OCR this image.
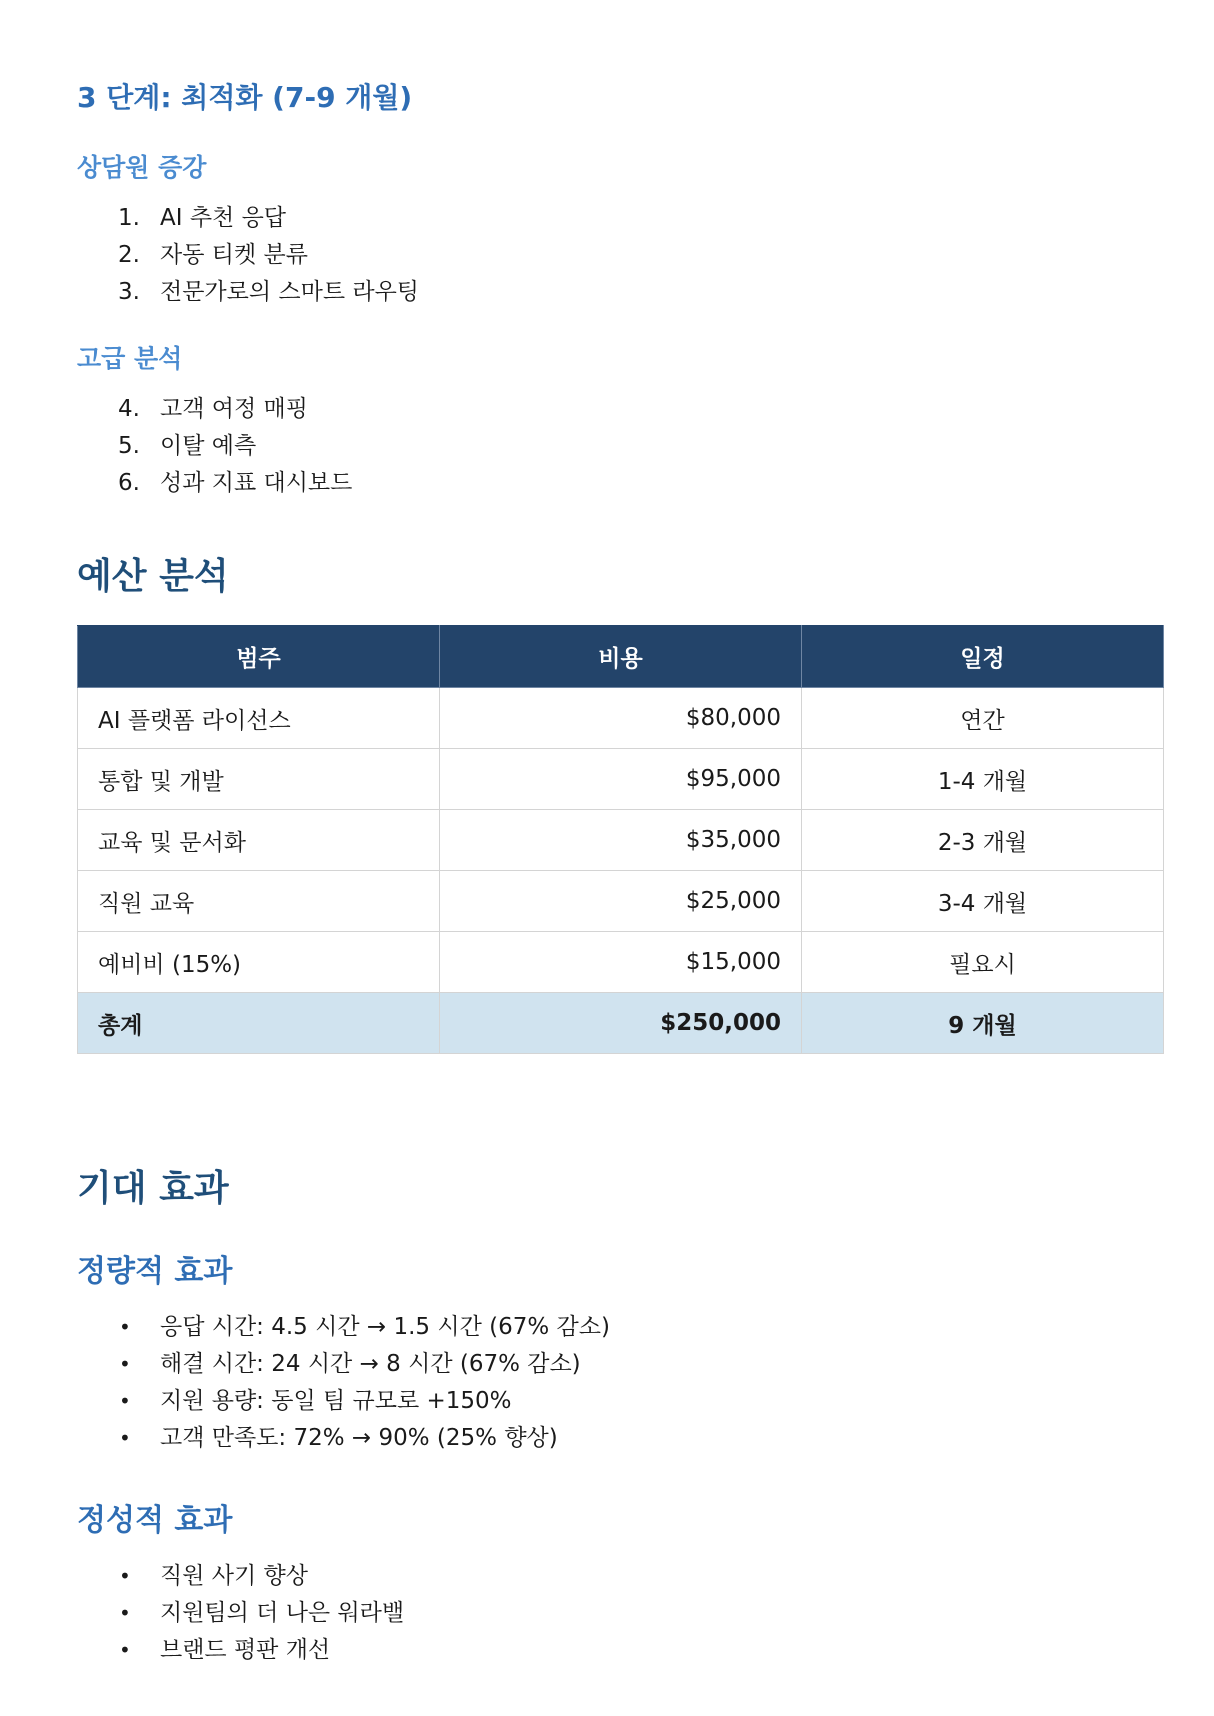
3 단계: 최적화 (7-9 개월)
상담원 증강
1. AI 추천 응답
2. 자동 티켓 분류
3. 전문가로의 스마트 라우팅
고급 분석
4. 고객 여정 매핑
5. 이탈 예측
6. 성과 지표 대시보드
예산 분석
범주	비용	일정
AI 플랫폼 라이선스	$80,000	연간
통합 및 개발	$95,000	1-4 개월
교육 및 문서화	$35,000	2-3 개월
직원 교육	$25,000	3-4 개월
예비비 (15%)	$15,000	필요시
총계	$250,000	9 개월
기대 효과
정량적 효과
• 응답 시간: 4.5 시간 → 1.5 시간 (67% 감소)
• 해결 시간: 24 시간 → 8 시간 (67% 감소)
• 지원 용량: 동일 팀 규모로 +150%
• 고객 만족도: 72% → 90% (25% 향상)
정성적 효과
• 직원 사기 향상
• 지원팀의 더 나은 워라밸
• 브랜드 평판 개선
